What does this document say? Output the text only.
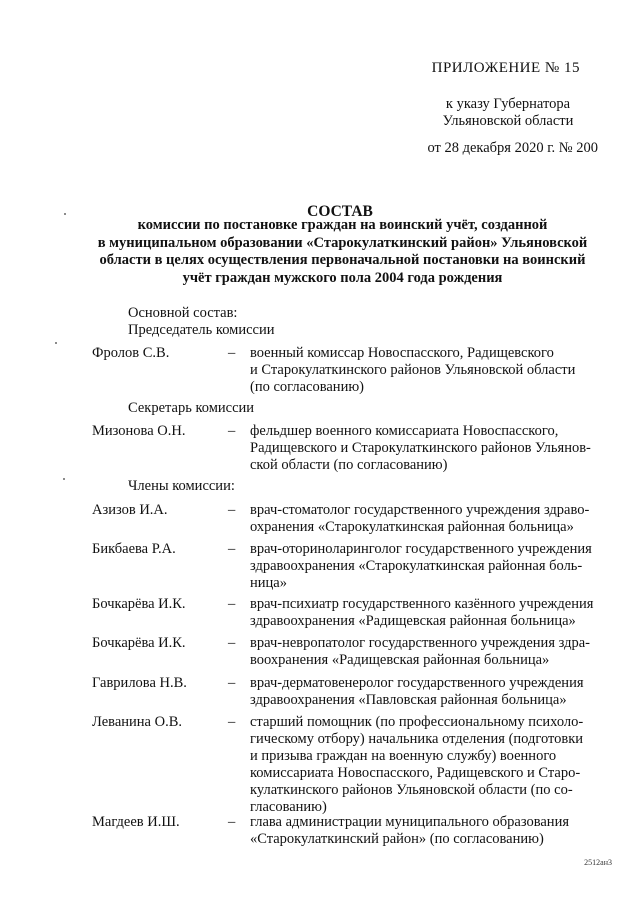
ПРИЛОЖЕНИЕ № 15
к указу Губернатора
Ульяновской области
от 28 декабря 2020 г. № 200
СОСТАВ
комиссии по постановке граждан на воинский учёт, созданной
в муниципальном образовании «Старокулаткинский район» Ульяновской
области в целях осуществления первоначальной постановки на воинский
учёт граждан мужского пола 2004 года рождения
Основной состав:
Председатель комиссии
Фролов С.В.	– военный комиссар Новоспасского, Радищевского
и Старокулаткинского районов Ульяновской области
(по согласованию)
Секретарь комиссии
Мизонова О.Н.	– фельдшер военного комиссариата Новоспасского,
Радищевского и Старокулаткинского районов Ульянов-
ской области (по согласованию)
Члены комиссии:
Азизов И.А.	– врач-стоматолог государственного учреждения здраво-
охранения «Старокулаткинская районная больница»
Бикбаева Р.А.	– врач-оториноларинголог государственного учреждения
здравоохранения «Старокулаткинская районная боль-
ница»
Бочкарёва И.К.	– врач-психиатр государственного казённого учреждения
здравоохранения «Радищевская районная больница»
Бочкарёва И.К.	– врач-невропатолог государственного учреждения здра-
воохранения «Радищевская районная больница»
Гаврилова Н.В.	– врач-дерматовенеролог государственного учреждения
здравоохранения «Павловская районная больница»
Леванина О.В.	– старший помощник (по профессиональному психоло-
гическому отбору) начальника отделения (подготовки
и призыва граждан на военную службу) военного
комиссариата Новоспасского, Радищевского и Старо-
кулаткинского районов Ульяновской области (по со-
гласованию)
Магдеев И.Ш.	– глава администрации муниципального образования
«Старокулаткинский район» (по согласованию)
2512ан3
